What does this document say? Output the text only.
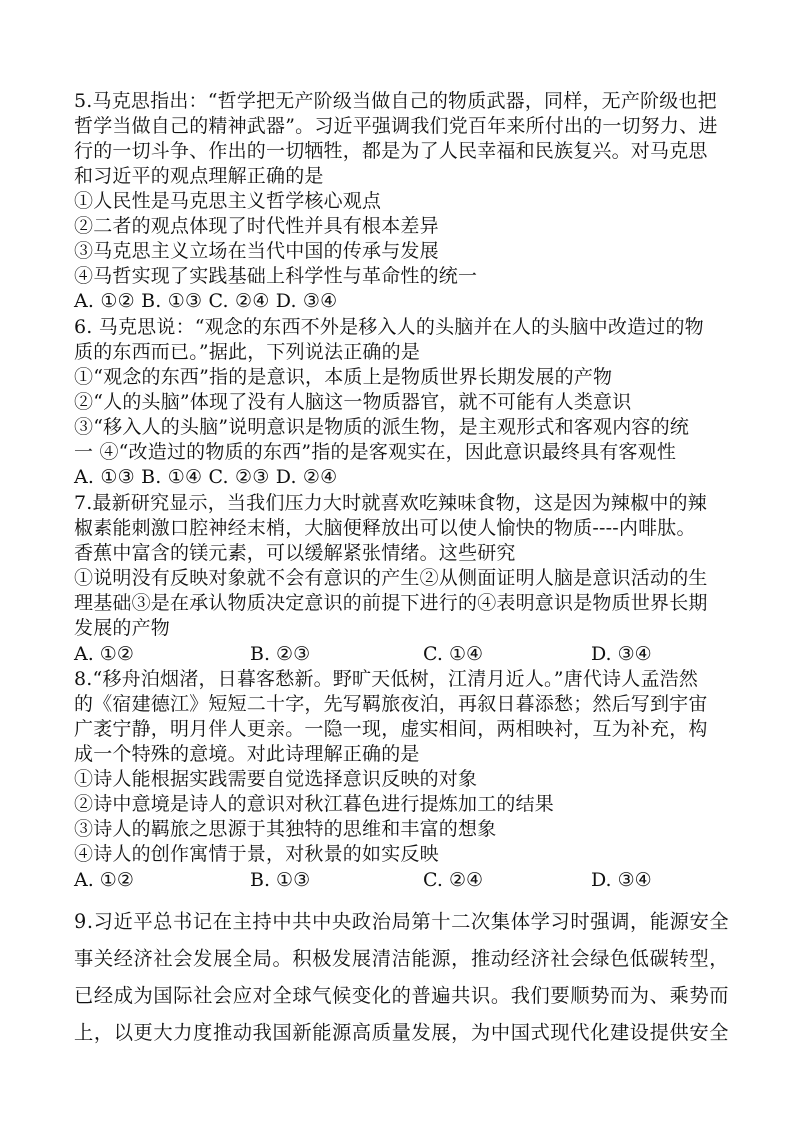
5.马克思指出：“哲学把无产阶级当做自己的物质武器，同样，无产阶级也把
哲学当做自己的精神武器”。习近平强调我们党百年来所付出的一切努力、进
行的一切斗争、作出的一切牺牲，都是为了人民幸福和民族复兴。对马克思
和习近平的观点理解正确的是
①人民性是马克思主义哲学核心观点
②二者的观点体现了时代性并具有根本差异
③马克思主义立场在当代中国的传承与发展
④马哲实现了实践基础上科学性与革命性的统一
A. ①② B. ①③ C. ②④ D. ③④
6. 马克思说：“观念的东西不外是移入人的头脑并在人的头脑中改造过的物
质的东西而已。”据此，下列说法正确的是
①“观念的东西”指的是意识，本质上是物质世界长期发展的产物
②“人的头脑”体现了没有人脑这一物质器官，就不可能有人类意识
③“移入人的头脑”说明意识是物质的派生物，是主观形式和客观内容的统
一 ④“改造过的物质的东西”指的是客观实在，因此意识最终具有客观性
A. ①③ B. ①④ C. ②③ D. ②④
7.最新研究显示，当我们压力大时就喜欢吃辣味食物，这是因为辣椒中的辣
椒素能刺激口腔神经末梢，大脑便释放出可以使人愉快的物质----内啡肽。
香蕉中富含的镁元素，可以缓解紧张情绪。这些研究
①说明没有反映对象就不会有意识的产生②从侧面证明人脑是意识活动的生
理基础③是在承认物质决定意识的前提下进行的④表明意识是物质世界长期
发展的产物
A. ①②	B. ②③	C. ①④	D. ③④
8.“移舟泊烟渚，日暮客愁新。野旷天低树，江清月近人。”唐代诗人孟浩然
的《宿建德江》短短二十字，先写羁旅夜泊，再叙日暮添愁；然后写到宇宙
广袤宁静，明月伴人更亲。一隐一现，虚实相间，两相映衬，互为补充，构
成一个特殊的意境。对此诗理解正确的是
①诗人能根据实践需要自觉选择意识反映的对象
②诗中意境是诗人的意识对秋江暮色进行提炼加工的结果
③诗人的羁旅之思源于其独特的思维和丰富的想象
④诗人的创作寓情于景，对秋景的如实反映
A. ①②	B. ①③	C. ②④	D. ③④
9.习近平总书记在主持中共中央政治局第十二次集体学习时强调，能源安全
事关经济社会发展全局。积极发展清洁能源，推动经济社会绿色低碳转型，
已经成为国际社会应对全球气候变化的普遍共识。我们要顺势而为、乘势而
上，以更大力度推动我国新能源高质量发展，为中国式现代化建设提供安全
